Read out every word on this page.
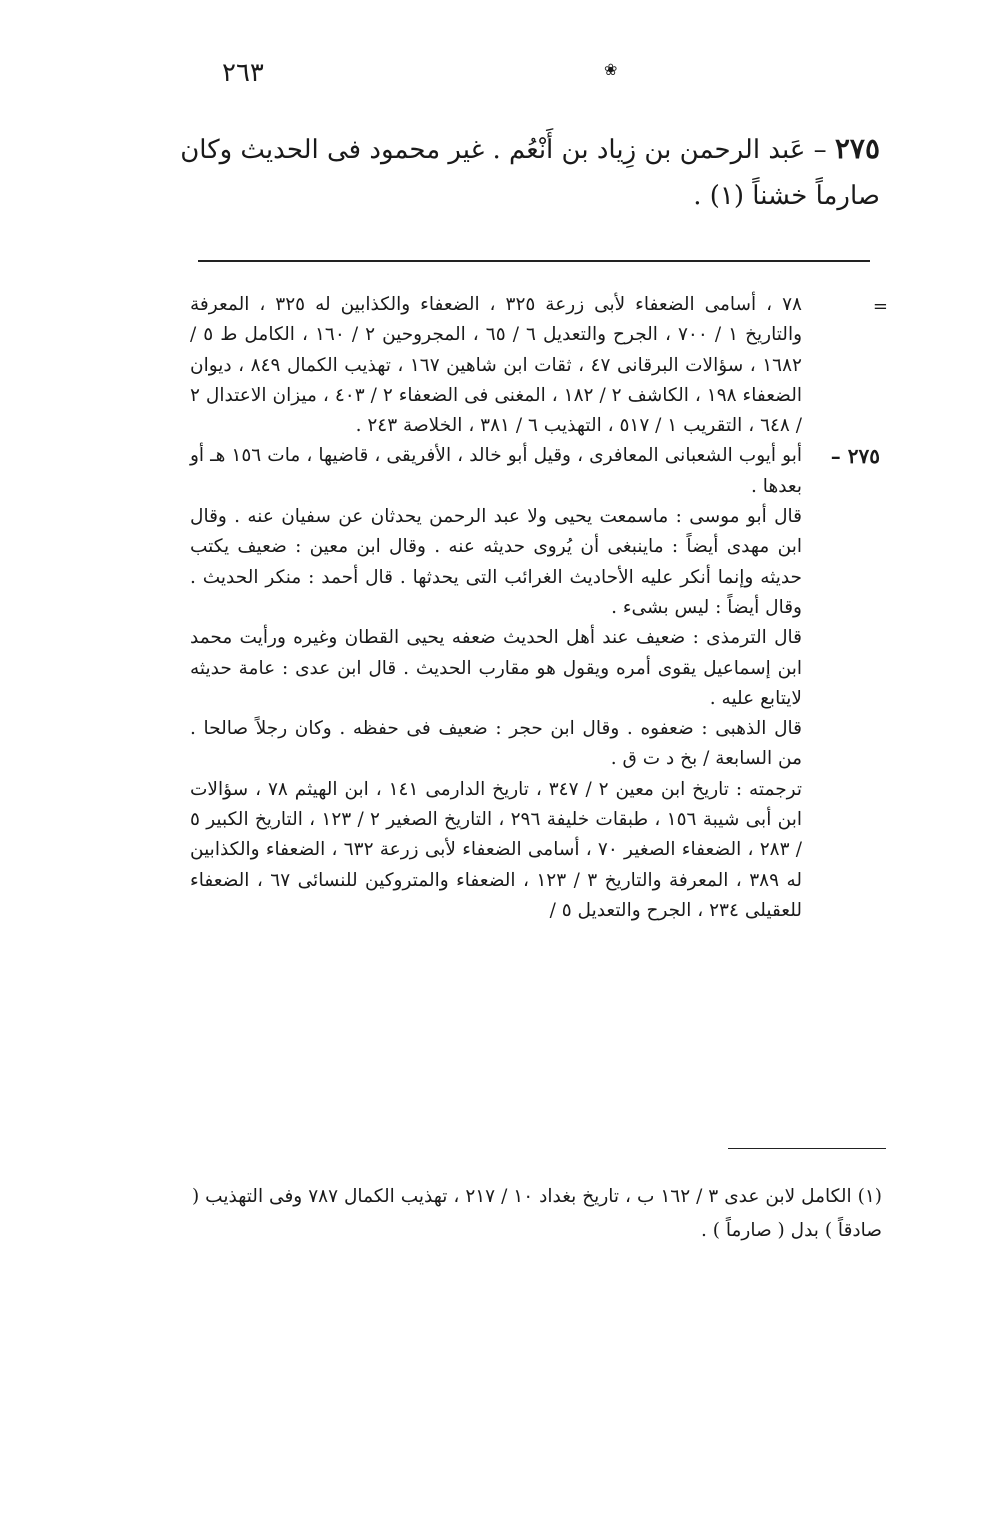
٢٦٣	❀
٢٧٥ – عَبد الرحمن بن زِياد بن أَنْعُم . غير محمود فى الحديث وكان صارماً خشناً (١) .
=

٧٨ ، أسامى الضعفاء لأبى زرعة ٣٢٥ ، الضعفاء والكذابين له ٣٢٥ ، المعرفة والتاريخ ١ / ٧٠٠ ، الجرح والتعديل ٦ / ٦٥ ، المجروحين ٢ / ١٦٠ ، الكامل ط ٥ / ١٦٨٢ ، سؤالات البرقانى ٤٧ ، ثقات ابن شاهين ١٦٧ ، تهذيب الكمال ٨٤٩ ، ديوان الضعفاء ١٩٨ ، الكاشف ٢ / ١٨٢ ، المغنى فى الضعفاء ٢ / ٤٠٣ ، ميزان الاعتدال ٢ / ٦٤٨ ، التقريب ١ / ٥١٧ ، التهذيب ٦ / ٣٨١ ، الخلاصة ٢٤٣ .

٢٧٥ –

أبو أيوب الشعبانى المعافرى ، وقيل أبو خالد ، الأفريقى ، قاضيها ، مات ١٥٦ هـ أو بعدها .

قال أبو موسى : ماسمعت يحيى ولا عبد الرحمن يحدثان عن سفيان عنه . وقال ابن مهدى أيضاً : ماينبغى أن يُروى حديثه عنه . وقال ابن معين : ضعيف يكتب حديثه وإنما أنكر عليه الأحاديث الغرائب التى يحدثها . قال أحمد : منكر الحديث . وقال أيضاً : ليس بشىء .

قال الترمذى : ضعيف عند أهل الحديث ضعفه يحيى القطان وغيره ورأيت محمد ابن إسماعيل يقوى أمره ويقول هو مقارب الحديث . قال ابن عدى : عامة حديثه لايتابع عليه .

قال الذهبى : ضعفوه . وقال ابن حجر : ضعيف فى حفظه . وكان رجلاً صالحا . من السابعة / بخ د ت ق .

ترجمته : تاريخ ابن معين ٢ / ٣٤٧ ، تاريخ الدارمى ١٤١ ، ابن الهيثم ٧٨ ، سؤالات ابن أبى شيبة ١٥٦ ، طبقات خليفة ٢٩٦ ، التاريخ الصغير ٢ / ١٢٣ ، التاريخ الكبير ٥ / ٢٨٣ ، الضعفاء الصغير ٧٠ ، أسامى الضعفاء لأبى زرعة ٦٣٢ ، الضعفاء والكذابين له ٣٨٩ ، المعرفة والتاريخ ٣ / ١٢٣ ، الضعفاء والمتروكين للنسائى ٦٧ ، الضعفاء للعقيلى ٢٣٤ ، الجرح والتعديل ٥ /

(١) الكامل لابن عدى ٣ / ١٦٢ ب ، تاريخ بغداد ١٠ / ٢١٧ ، تهذيب الكمال ٧٨٧ وفى التهذيب ( صادقاً ) بدل ( صارماً ) .
